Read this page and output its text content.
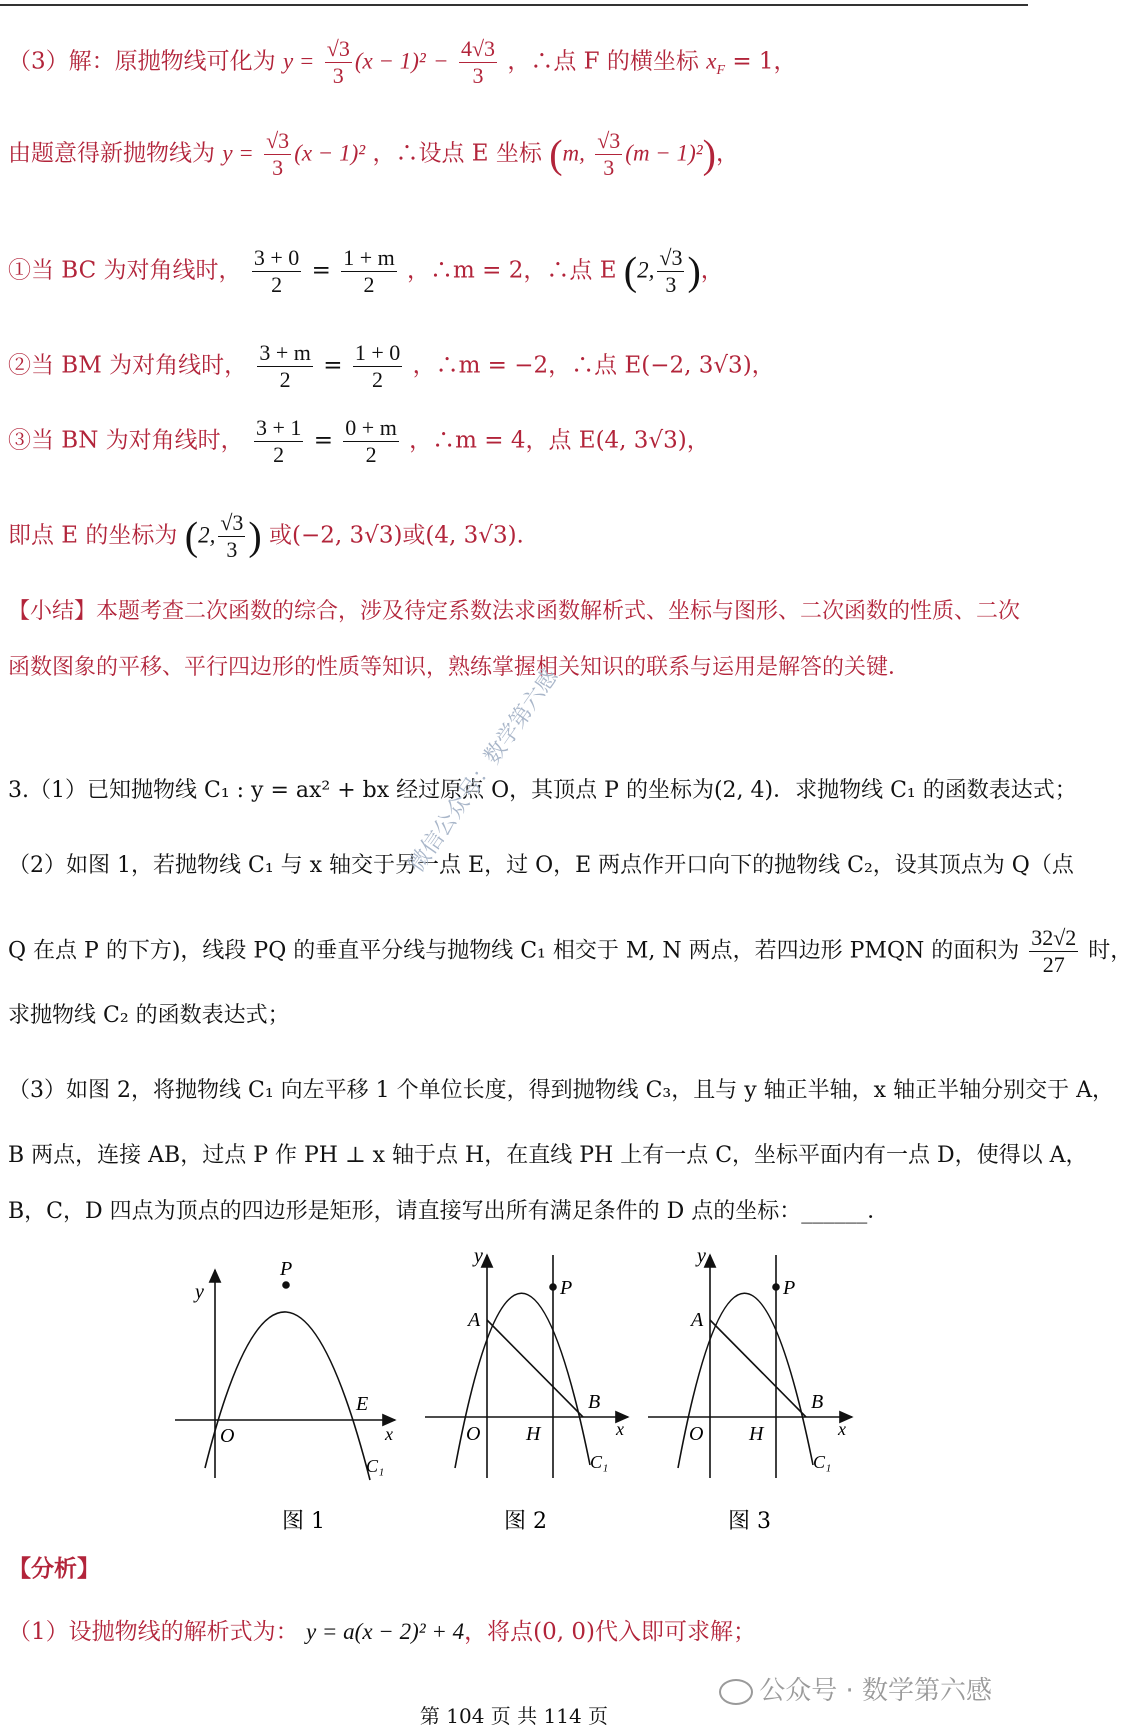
（3）解：原抛物线可化为 $y = \frac{√3}{3} (x - 1)^2 - \frac{4√3}{3}$ ，∴点 F 的横坐标 $x_F = 1$，
由题意得新抛物线为 $y = \frac{√3}{3} (x - 1)^2$ ，∴设点 E 坐标 (m, $\frac{√3}{3} (m - 1)^2$)，
①当 BC 为对角线时， $\frac{3 + 0}{2} = \frac{1 + m}{2}$ ，∴m = 2，∴点 E (2, $\frac{√3}{3}$ )，
②当 BM 为对角线时， $\frac{3 + m}{2} = \frac{1 + 0}{2}$ ，∴m = −2，∴点 E(−2, 3√3)，
③当 BN 为对角线时， $\frac{3 + 1}{2} = \frac{0 + m}{2}$ ，∴m = 4，点 E(4, 3√3)，
即点 E 的坐标为 (2, $\frac{√3}{3}$ ) 或(−2, 3√3)或(4, 3√3).
【小结】本题考查二次函数的综合，涉及待定系数法求函数解析式、坐标与图形、二次函数的性质、二次
函数图象的平移、平行四边形的性质等知识，熟练掌握相关知识的联系与运用是解答的关键．
3.（1）已知抛物线 C₁ : y = ax² + bx 经过原点 O，其顶点 P 的坐标为(2, 4)．求抛物线 C₁ 的函数表达式；
（2）如图 1，若抛物线 C₁ 与 x 轴交于另一点 E，过 O，E 两点作开口向下的抛物线 C₂，设其顶点为 Q（点
Q 在点 P 的下方)，线段 PQ 的垂直平分线与抛物线 C₁ 相交于 M, N 两点，若四边形 PMQN 的面积为 $\frac{32√2}{27}$ 时，
求抛物线 C₂ 的函数表达式；
（3）如图 2，将抛物线 C₁ 向左平移 1 个单位长度，得到抛物线 C₃，且与 y 轴正半轴，x 轴正半轴分别交于 A，
B 两点，连接 AB，过点 P 作 PH ⊥ x 轴于点 H，在直线 PH 上有一点 C，坐标平面内有一点 D，使得以 A，
B，C，D 四点为顶点的四边形是矩形，请直接写出所有满足条件的 D 点的坐标：______．
y
P
O
E
x
C₁
图 1
y
P
A
O H
B
x
C₁
图 2
y
P
A
O H
B
x
C₁
图 3
【分析】
（1）设抛物线的解析式为： y = a(x − 2)² + 4，将点(0, 0)代入即可求解；
微信公众号：数学第六感
公众号 · 数学第六感
第 104 页 共 114 页
